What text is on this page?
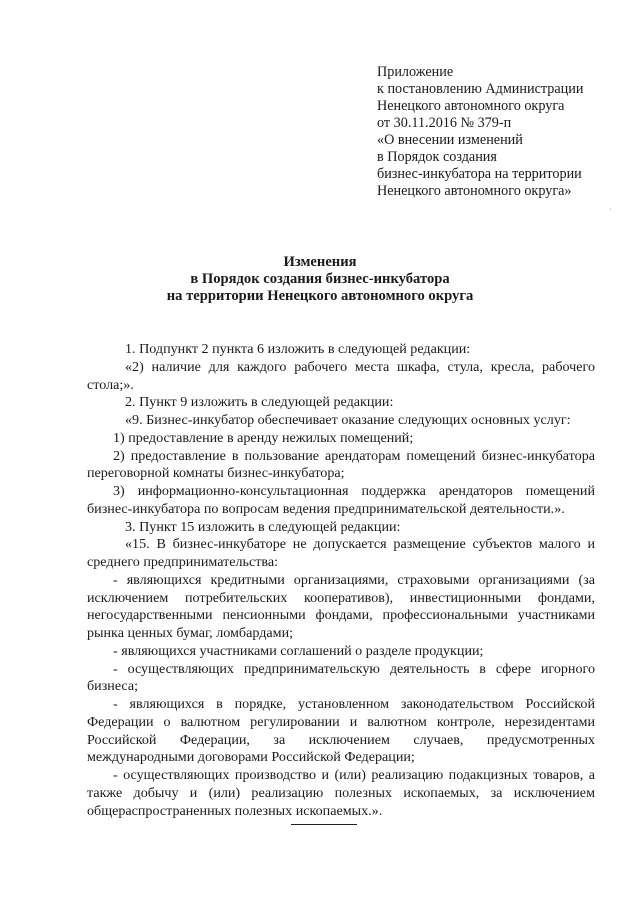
Приложение
к постановлению Администрации
Ненецкого автономного округа
от 30.11.2016 № 379-п
«О внесении изменений
в Порядок создания
бизнес-инкубатора на территории
Ненецкого автономного округа»
Изменения
в Порядок создания бизнес-инкубатора
на территории Ненецкого автономного округа

1. Подпункт 2 пункта 6 изложить в следующей редакции:

«2) наличие для каждого рабочего места шкафа, стула, кресла, рабочего стола;».

2. Пункт 9 изложить в следующей редакции:

«9. Бизнес-инкубатор обеспечивает оказание следующих основных услуг:

1) предоставление в аренду нежилых помещений;

2) предоставление в пользование арендаторам помещений бизнес-инкубатора переговорной комнаты бизнес-инкубатора;

3) информационно-консультационная поддержка арендаторов помещений бизнес-инкубатора по вопросам ведения предпринимательской деятельности.».

3. Пункт 15 изложить в следующей редакции:

«15. В бизнес-инкубаторе не допускается размещение субъектов малого и среднего предпринимательства:

- являющихся кредитными организациями, страховыми организациями (за исключением потребительских кооперативов), инвестиционными фондами, негосударственными пенсионными фондами, профессиональными участниками рынка ценных бумаг, ломбардами;

- являющихся участниками соглашений о разделе продукции;

- осуществляющих предпринимательскую деятельность в сфере игорного бизнеса;

- являющихся в порядке, установленном законодательством Российской Федерации о валютном регулировании и валютном контроле, нерезидентами Российской Федерации, за исключением случаев, предусмотренных международными договорами Российской Федерации;

- осуществляющих производство и (или) реализацию подакцизных товаров, а также добычу и (или) реализацию полезных ископаемых, за исключением общераспространенных полезных ископаемых.».
